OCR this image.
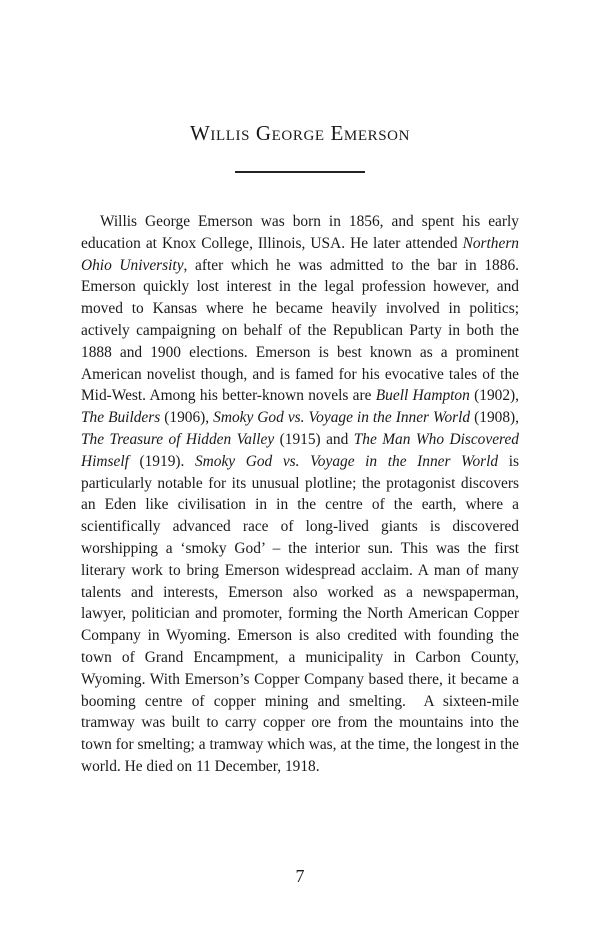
Willis George Emerson

Willis George Emerson was born in 1856, and spent his early education at Knox College, Illinois, USA. He later attended Northern Ohio University, after which he was admitted to the bar in 1886. Emerson quickly lost interest in the legal profession however, and moved to Kansas where he became heavily involved in politics; actively campaigning on behalf of the Republican Party in both the 1888 and 1900 elections. Emerson is best known as a prominent American novelist though, and is famed for his evocative tales of the Mid-West. Among his better-known novels are Buell Hampton (1902), The Builders (1906), Smoky God vs. Voyage in the Inner World (1908), The Treasure of Hidden Valley (1915) and The Man Who Discovered Himself (1919). Smoky God vs. Voyage in the Inner World is particularly notable for its unusual plotline; the protagonist discovers an Eden like civilisation in in the centre of the earth, where a scientifically advanced race of long-lived giants is discovered worshipping a ‘smoky God’ – the interior sun. This was the first literary work to bring Emerson widespread acclaim. A man of many talents and interests, Emerson also worked as a newspaperman, lawyer, politician and promoter, forming the North American Copper Company in Wyoming. Emerson is also credited with founding the town of Grand Encampment, a municipality in Carbon County, Wyoming. With Emerson’s Copper Company based there, it became a booming centre of copper mining and smelting.  A sixteen-mile tramway was built to carry copper ore from the mountains into the town for smelting; a tramway which was, at the time, the longest in the world. He died on 11 December, 1918.

7
